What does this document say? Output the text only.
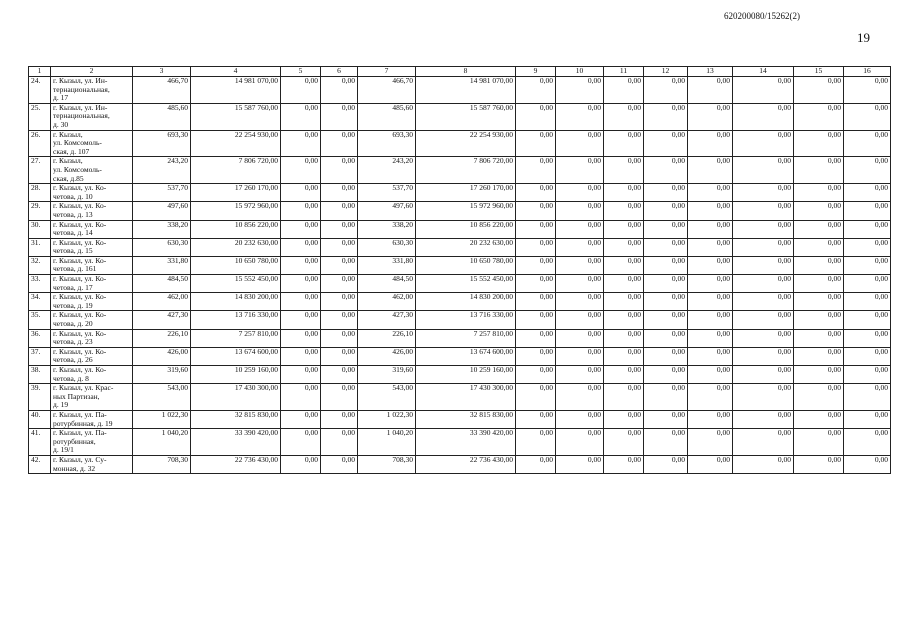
620200080/15262(2)
19
1	2	3	4	5	6	7	8	9	10	11	12	13	14	15	16
24.	г. Кызыл, ул. Ин-
тернациональная,
д. 17	466,70	14 981 070,00	0,00	0,00	466,70	14 981 070,00	0,00	0,00	0,00	0,00	0,00	0,00	0,00	0,00
25.	г. Кызыл, ул. Ин-
тернациональная,
д. 30	485,60	15 587 760,00	0,00	0,00	485,60	15 587 760,00	0,00	0,00	0,00	0,00	0,00	0,00	0,00	0,00
26.	г. Кызыл,
ул. Комсомоль-
ская, д. 107	693,30	22 254 930,00	0,00	0,00	693,30	22 254 930,00	0,00	0,00	0,00	0,00	0,00	0,00	0,00	0,00
27.	г. Кызыл,
ул. Комсомоль-
ская, д.85	243,20	7 806 720,00	0,00	0,00	243,20	7 806 720,00	0,00	0,00	0,00	0,00	0,00	0,00	0,00	0,00
28.	г. Кызыл, ул. Ко-
четова, д. 10	537,70	17 260 170,00	0,00	0,00	537,70	17 260 170,00	0,00	0,00	0,00	0,00	0,00	0,00	0,00	0,00
29.	г. Кызыл, ул. Ко-
четова, д. 13	497,60	15 972 960,00	0,00	0,00	497,60	15 972 960,00	0,00	0,00	0,00	0,00	0,00	0,00	0,00	0,00
30.	г. Кызыл, ул. Ко-
четова, д. 14	338,20	10 856 220,00	0,00	0,00	338,20	10 856 220,00	0,00	0,00	0,00	0,00	0,00	0,00	0,00	0,00
31.	г. Кызыл, ул. Ко-
четова, д. 15	630,30	20 232 630,00	0,00	0,00	630,30	20 232 630,00	0,00	0,00	0,00	0,00	0,00	0,00	0,00	0,00
32.	г. Кызыл, ул. Ко-
четова, д. 161	331,80	10 650 780,00	0,00	0,00	331,80	10 650 780,00	0,00	0,00	0,00	0,00	0,00	0,00	0,00	0,00
33.	г. Кызыл, ул. Ко-
четова, д. 17	484,50	15 552 450,00	0,00	0,00	484,50	15 552 450,00	0,00	0,00	0,00	0,00	0,00	0,00	0,00	0,00
34.	г. Кызыл, ул. Ко-
четова, д. 19	462,00	14 830 200,00	0,00	0,00	462,00	14 830 200,00	0,00	0,00	0,00	0,00	0,00	0,00	0,00	0,00
35.	г. Кызыл, ул. Ко-
четова, д. 20	427,30	13 716 330,00	0,00	0,00	427,30	13 716 330,00	0,00	0,00	0,00	0,00	0,00	0,00	0,00	0,00
36.	г. Кызыл, ул. Ко-
четова, д. 23	226,10	7 257 810,00	0,00	0,00	226,10	7 257 810,00	0,00	0,00	0,00	0,00	0,00	0,00	0,00	0,00
37.	г. Кызыл, ул. Ко-
четова, д. 26	426,00	13 674 600,00	0,00	0,00	426,00	13 674 600,00	0,00	0,00	0,00	0,00	0,00	0,00	0,00	0,00
38.	г. Кызыл, ул. Ко-
четова, д. 8	319,60	10 259 160,00	0,00	0,00	319,60	10 259 160,00	0,00	0,00	0,00	0,00	0,00	0,00	0,00	0,00
39.	г. Кызыл, ул. Крас-
ных Партизан,
д. 19	543,00	17 430 300,00	0,00	0,00	543,00	17 430 300,00	0,00	0,00	0,00	0,00	0,00	0,00	0,00	0,00
40.	г. Кызыл, ул. Па-
ротурбинная, д. 19	1 022,30	32 815 830,00	0,00	0,00	1 022,30	32 815 830,00	0,00	0,00	0,00	0,00	0,00	0,00	0,00	0,00
41.	г. Кызыл, ул. Па-
ротурбинная,
д. 19/1	1 040,20	33 390 420,00	0,00	0,00	1 040,20	33 390 420,00	0,00	0,00	0,00	0,00	0,00	0,00	0,00	0,00
42.	г. Кызыл, ул. Су-
монная, д. 32	708,30	22 736 430,00	0,00	0,00	708,30	22 736 430,00	0,00	0,00	0,00	0,00	0,00	0,00	0,00	0,00
